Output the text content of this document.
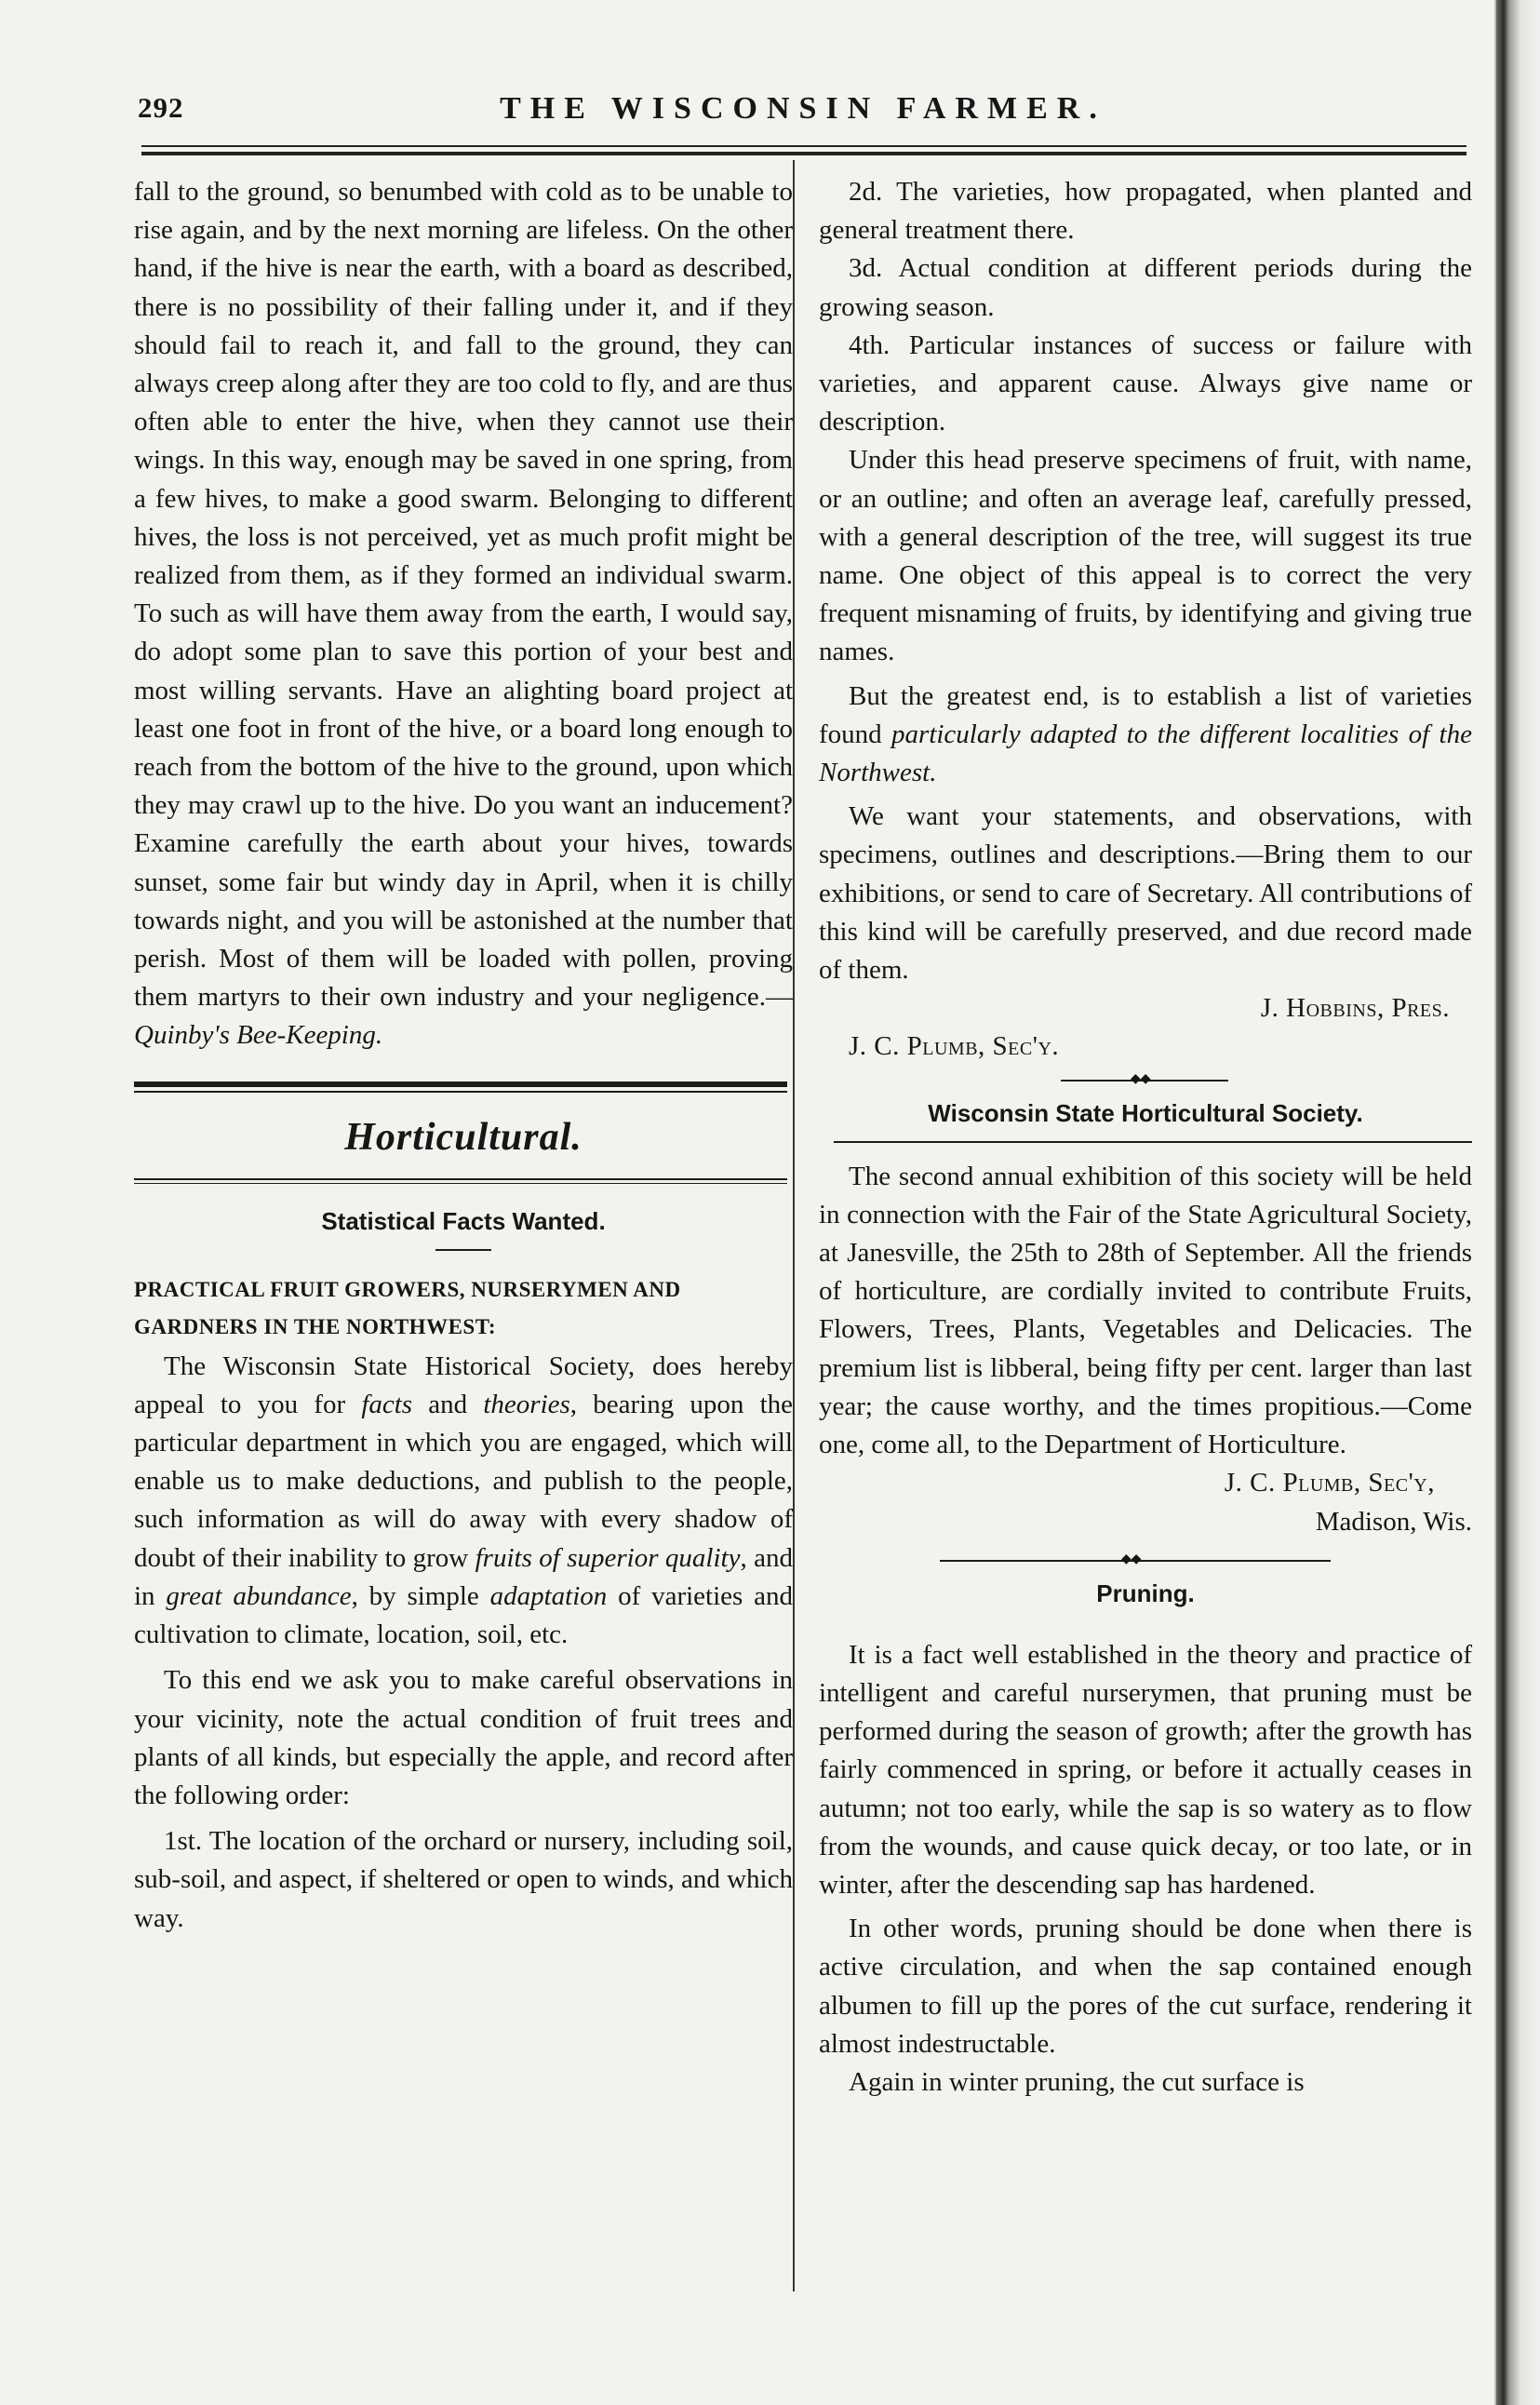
292	THE WISCONSIN FARMER.

fall to the ground, so benumbed with cold as to be unable to rise again, and by the next morning are lifeless. On the other hand, if the hive is near the earth, with a board as described, there is no possibility of their falling under it, and if they should fail to reach it, and fall to the ground, they can always creep along after they are too cold to fly, and are thus often able to enter the hive, when they cannot use their wings. In this way, enough may be saved in one spring, from a few hives, to make a good swarm. Belonging to different hives, the loss is not perceived, yet as much profit might be realized from them, as if they formed an individual swarm. To such as will have them away from the earth, I would say, do adopt some plan to save this portion of your best and most willing servants. Have an alighting board project at least one foot in front of the hive, or a board long enough to reach from the bottom of the hive to the ground, upon which they may crawl up to the hive. Do you want an inducement? Examine carefully the earth about your hives, towards sunset, some fair but windy day in April, when it is chilly towards night, and you will be astonished at the number that perish. Most of them will be loaded with pollen, proving them martyrs to their own industry and your negligence.—Quinby's Bee-Keeping.

Horticultural.
Statistical Facts Wanted.
PRACTICAL FRUIT GROWERS, NURSERYMEN AND GARDNERS IN THE NORTHWEST:

The Wisconsin State Historical Society, does hereby appeal to you for facts and theories, bearing upon the particular department in which you are engaged, which will enable us to make deductions, and publish to the people, such information as will do away with every shadow of doubt of their inability to grow fruits of superior quality, and in great abundance, by simple adaptation of varieties and cultivation to climate, location, soil, etc.

To this end we ask you to make careful observations in your vicinity, note the actual condition of fruit trees and plants of all kinds, but especially the apple, and record after the following order:

1st. The location of the orchard or nursery, including soil, sub-soil, and aspect, if sheltered or open to winds, and which way.

2d. The varieties, how propagated, when planted and general treatment there.

3d. Actual condition at different periods during the growing season.

4th. Particular instances of success or failure with varieties, and apparent cause. Always give name or description.

Under this head preserve specimens of fruit, with name, or an outline; and often an average leaf, carefully pressed, with a general description of the tree, will suggest its true name. One object of this appeal is to correct the very frequent misnaming of fruits, by identifying and giving true names.

But the greatest end, is to establish a list of varieties found particularly adapted to the different localities of the Northwest.

We want your statements, and observations, with specimens, outlines and descriptions.—Bring them to our exhibitions, or send to care of Secretary. All contributions of this kind will be carefully preserved, and due record made of them.

J. Hobbins, Pres.

J. C. Plumb, Sec'y.

◆◆
Wisconsin State Horticultural Society.

The second annual exhibition of this society will be held in connection with the Fair of the State Agricultural Society, at Janesville, the 25th to 28th of September. All the friends of horticulture, are cordially invited to contribute Fruits, Flowers, Trees, Plants, Vegetables and Delicacies. The premium list is libberal, being fifty per cent. larger than last year; the cause worthy, and the times propitious.—Come one, come all, to the Department of Horticulture.

J. C. Plumb, Sec'y,

Madison, Wis.

◆◆
Pruning.

It is a fact well established in the theory and practice of intelligent and careful nurserymen, that pruning must be performed during the season of growth; after the growth has fairly commenced in spring, or before it actually ceases in autumn; not too early, while the sap is so watery as to flow from the wounds, and cause quick decay, or too late, or in winter, after the descending sap has hardened.

In other words, pruning should be done when there is active circulation, and when the sap contained enough albumen to fill up the pores of the cut surface, rendering it almost indestructable.

Again in winter pruning, the cut surface is
